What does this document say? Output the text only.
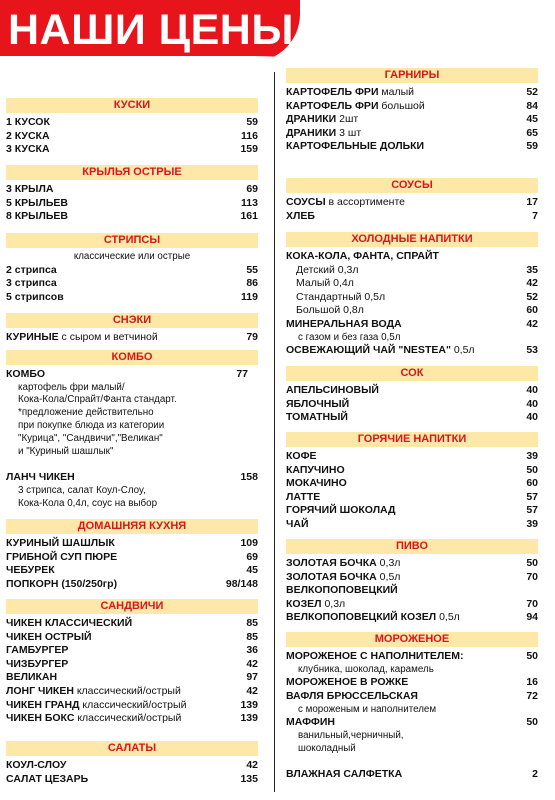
НАШИ ЦЕНЫ
КУСКИ
1 КУСОК	59
2 КУСКА	116
3 КУСКА	159
КРЫЛЬЯ ОСТРЫЕ
3 КРЫЛА	69
5 КРЫЛЬЕВ	113
8 КРЫЛЬЕВ	161
СТРИПСЫ
классические или острые
2 стрипса	55
3 стрипса	86
5 стрипсов	119
СНЭКИ
КУРИНЫЕ с сыром и ветчиной	79
КОМБО
КОМБО	77
картофель фри малый/
Кока-Кола/Спрайт/Фанта стандарт.
*предложение действительно
при покупке блюда из категории
"Курица", "Сандвичи","Великан"
и "Куриный шашлык"
ЛАНЧ ЧИКЕН	158
3 стрипса, салат Коул-Слоу,
Кока-Кола 0,4л, соус на выбор
ДОМАШНЯЯ КУХНЯ
КУРИНЫЙ ШАШЛЫК	109
ГРИБНОЙ СУП ПЮРЕ	69
ЧЕБУРЕК	45
ПОПКОРН (150/250гр)	98/148
САНДВИЧИ
ЧИКЕН КЛАССИЧЕСКИЙ	85
ЧИКЕН ОСТРЫЙ	85
ГАМБУРГЕР	36
ЧИЗБУРГЕР	42
ВЕЛИКАН	97
ЛОНГ ЧИКЕН классический/острый	42
ЧИКЕН ГРАНД классический/острый	139
ЧИКЕН БОКС классический/острый	139
САЛАТЫ
КОУЛ-СЛОУ	42
САЛАТ ЦЕЗАРЬ	135
ГАРНИРЫ
КАРТОФЕЛЬ ФРИ малый	52
КАРТОФЕЛЬ ФРИ большой	84
ДРАНИКИ 2шт	45
ДРАНИКИ 3 шт	65
КАРТОФЕЛЬНЫЕ ДОЛЬКИ	59
СОУСЫ
СОУСЫ в ассортименте	17
ХЛЕБ	7
ХОЛОДНЫЕ НАПИТКИ
КОКА-КОЛА, ФАНТА, СПРАЙТ
Детский 0,3л	35
Малый 0,4л	42
Стандартный 0,5л	52
Большой 0,8л	60
МИНЕРАЛЬНАЯ ВОДА	42
с газом и без газа 0,5л
ОСВЕЖАЮЩИЙ ЧАЙ "NESTEA" 0,5л	53
СОК
АПЕЛЬСИНОВЫЙ	40
ЯБЛОЧНЫЙ	40
ТОМАТНЫЙ	40
ГОРЯЧИЕ НАПИТКИ
КОФЕ	39
КАПУЧИНО	50
МОКАЧИНО	60
ЛАТТЕ	57
ГОРЯЧИЙ ШОКОЛАД	57
ЧАЙ	39
ПИВО
ЗОЛОТАЯ БОЧКА 0,3л	50
ЗОЛОТАЯ БОЧКА 0,5л	70
ВЕЛКОПОПОВЕЦКИЙ
КОЗЕЛ 0,3л	70
ВЕЛКОПОПОВЕЦКИЙ КОЗЕЛ 0,5л	94
МОРОЖЕНОЕ
МОРОЖЕНОЕ С НАПОЛНИТЕЛЕМ:	50
клубника, шоколад, карамель
МОРОЖЕНОЕ В РОЖКЕ	16
ВАФЛЯ БРЮССЕЛЬСКАЯ	72
с мороженым и наполнителем
МАФФИН	50
ванильный,черничный,
шоколадный
ВЛАЖНАЯ САЛФЕТКА	2
